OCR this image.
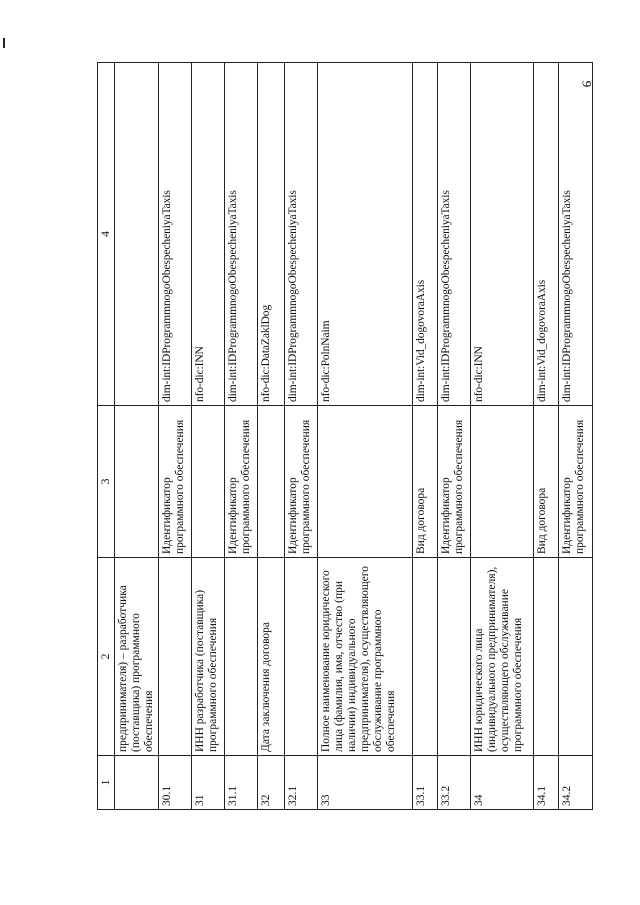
9
1	2	3	4
	предпринимателя) – разработчика (поставщика) программного обеспечения		
30.1		Идентификатор программного обеспечения	dim-int:IDProgrammnogoObespecheniyaTaxis
31	ИНН разработчика (поставщика) программного обеспечения		nfo-dic:INN
31.1		Идентификатор программного обеспечения	dim-int:IDProgrammnogoObespecheniyaTaxis
32	Дата заключения договора		nfo-dic:DataZaklDog
32.1		Идентификатор программного обеспечения	dim-int:IDProgrammnogoObespecheniyaTaxis
33	Полное наименование юридического лица (фамилия, имя, отчество (при наличии) индивидуального предпринимателя), осуществляющего обслуживание программного обеспечения		nfo-dic:PolnNaim
33.1		Вид договора	dim-int:Vid_dogovoraAxis
33.2		Идентификатор программного обеспечения	dim-int:IDProgrammnogoObespecheniyaTaxis
34	ИНН юридического лица (индивидуального предпринимателя), осуществляющего обслуживание программного обеспечения		nfo-dic:INN
34.1		Вид договора	dim-int:Vid_dogovoraAxis
34.2		Идентификатор программного обеспечения	dim-int:IDProgrammnogoObespecheniyaTaxis
